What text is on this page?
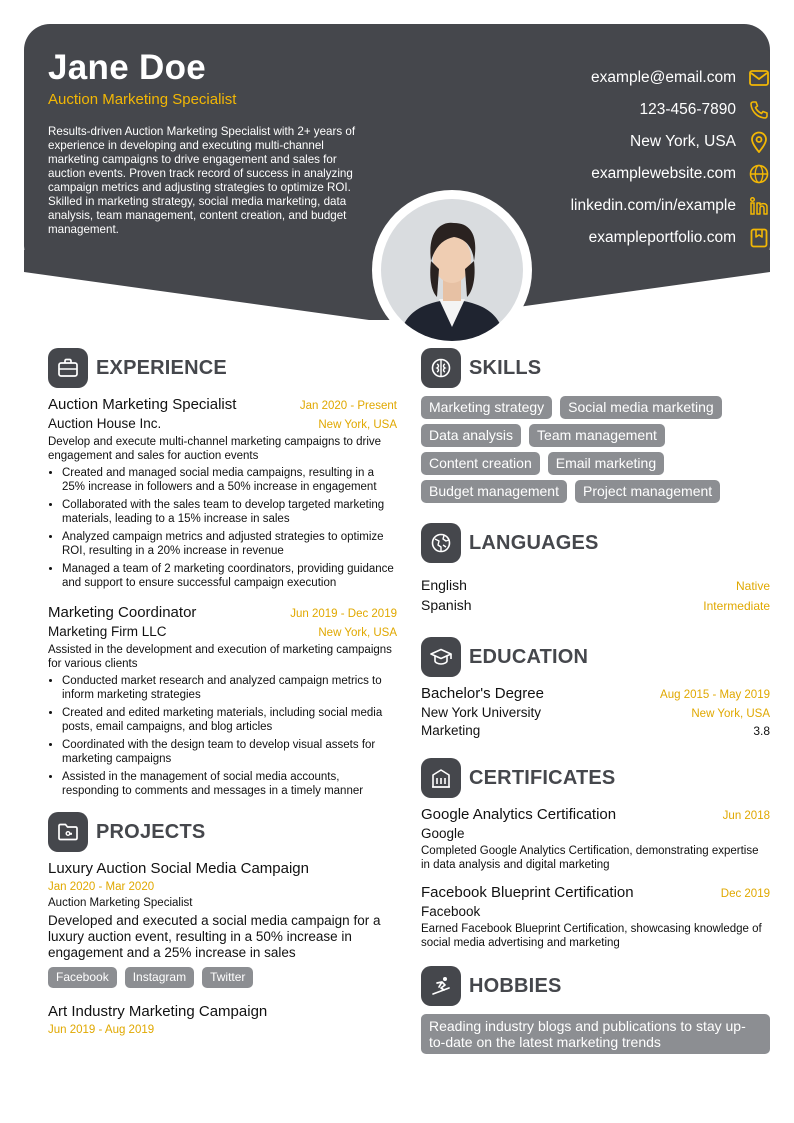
Jane Doe
Auction Marketing Specialist
Results-driven Auction Marketing Specialist with 2+ years of experience in developing and executing multi-channel marketing campaigns to drive engagement and sales for auction events. Proven track record of success in analyzing campaign metrics and adjusting strategies to optimize ROI. Skilled in marketing strategy, social media marketing, data analysis, team management, content creation, and budget management.
example@email.com
123-456-7890
New York, USA
examplewebsite.com
linkedin.com/in/example
exampleportfolio.com
EXPERIENCE
Auction Marketing Specialist	Jan 2020 - Present
Auction House Inc.	New York, USA
Develop and execute multi-channel marketing campaigns to drive engagement and sales for auction events
• Created and managed social media campaigns, resulting in a 25% increase in followers and a 50% increase in engagement
• Collaborated with the sales team to develop targeted marketing materials, leading to a 15% increase in sales
• Analyzed campaign metrics and adjusted strategies to optimize ROI, resulting in a 20% increase in revenue
• Managed a team of 2 marketing coordinators, providing guidance and support to ensure successful campaign execution
Marketing Coordinator	Jun 2019 - Dec 2019
Marketing Firm LLC	New York, USA
Assisted in the development and execution of marketing campaigns for various clients
• Conducted market research and analyzed campaign metrics to inform marketing strategies
• Created and edited marketing materials, including social media posts, email campaigns, and blog articles
• Coordinated with the design team to develop visual assets for marketing campaigns
• Assisted in the management of social media accounts, responding to comments and messages in a timely manner
PROJECTS
Luxury Auction Social Media Campaign
Jan 2020 - Mar 2020
Auction Marketing Specialist
Developed and executed a social media campaign for a luxury auction event, resulting in a 50% increase in engagement and a 25% increase in sales
Facebook	Instagram	Twitter
Art Industry Marketing Campaign
Jun 2019 - Aug 2019
SKILLS
Marketing strategy	Social media marketing
Data analysis	Team management
Content creation	Email marketing
Budget management	Project management
LANGUAGES
English	Native
Spanish	Intermediate
EDUCATION
Bachelor's Degree	Aug 2015 - May 2019
New York University	New York, USA
Marketing	3.8
CERTIFICATES
Google Analytics Certification	Jun 2018
Google
Completed Google Analytics Certification, demonstrating expertise in data analysis and digital marketing
Facebook Blueprint Certification	Dec 2019
Facebook
Earned Facebook Blueprint Certification, showcasing knowledge of social media advertising and marketing
HOBBIES
Reading industry blogs and publications to stay up-to-date on the latest marketing trends
